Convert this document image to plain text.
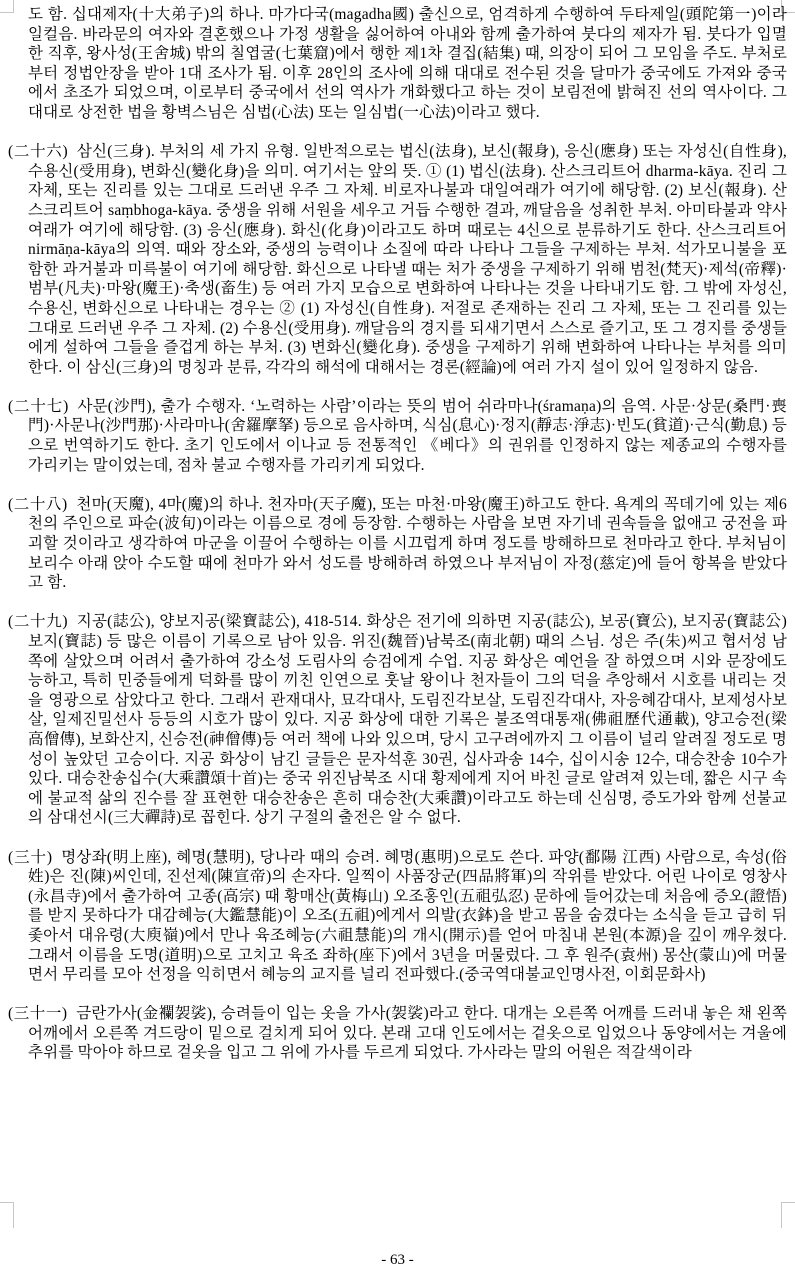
도 함. 십대제자(十大弟子)의 하나. 마가다국(magadha國) 출신으로, 엄격하게 수행하여 두타제일(頭陀第一)이라 일컬음. 바라문의 여자와 결혼했으나 가정 생활을 싫어하여 아내와 함께 출가하여 붓다의 제자가 됨. 붓다가 입멸한 직후, 왕사성(王舍城) 밖의 칠엽굴(七葉窟)에서 행한 제1차 결집(結集) 때, 의장이 되어 그 모임을 주도. 부처로부터 정법안장을 받아 1대 조사가 됨. 이후 28인의 조사에 의해 대대로 전수된 것을 달마가 중국에도 가져와 중국에서 초조가 되었으며, 이로부터 중국에서 선의 역사가 개화했다고 하는 것이 보림전에 밝혀진 선의 역사이다. 그 대대로 상전한 법을 황벽스님은 심법(心法) 또는 일심법(一心法)이라고 했다.

(二十六) 삼신(三身). 부처의 세 가지 유형. 일반적으로는 법신(法身), 보신(報身), 응신(應身) 또는 자성신(自性身), 수용신(受用身), 변화신(變化身)을 의미. 여기서는 앞의 뜻. ① (1) 법신(法身). 산스크리트어 dharma-kāya. 진리 그 자체, 또는 진리를 있는 그대로 드러낸 우주 그 자체. 비로자나불과 대일여래가 여기에 해당함. (2) 보신(報身). 산스크리트어 saṃbhoga-kāya. 중생을 위해 서원을 세우고 거듭 수행한 결과, 깨달음을 성취한 부처. 아미타불과 약사여래가 여기에 해당함. (3) 응신(應身). 화신(化身)이라고도 하며 때로는 4신으로 분류하기도 한다. 산스크리트어 nirmāṇa-kāya의 의역. 때와 장소와, 중생의 능력이나 소질에 따라 나타나 그들을 구제하는 부처. 석가모니불을 포함한 과거불과 미륵불이 여기에 해당함. 화신으로 나타낼 때는 처가 중생을 구제하기 위해 범천(梵天)·제석(帝釋)·범부(凡夫)·마왕(魔王)·축생(畜生) 등 여러 가지 모습으로 변화하여 나타나는 것을 나타내기도 함. 그 밖에 자성신, 수용신, 변화신으로 나타내는 경우는 ② (1) 자성신(自性身). 저절로 존재하는 진리 그 자체, 또는 그 진리를 있는 그대로 드러낸 우주 그 자체. (2) 수용신(受用身). 깨달음의 경지를 되새기면서 스스로 즐기고, 또 그 경지를 중생들에게 설하여 그들을 즐겁게 하는 부처. (3) 변화신(變化身). 중생을 구제하기 위해 변화하여 나타나는 부처를 의미한다. 이 삼신(三身)의 명칭과 분류, 각각의 해석에 대해서는 경론(經論)에 여러 가지 설이 있어 일정하지 않음.

(二十七) 사문(沙門), 출가 수행자. ‘노력하는 사람’이라는 뜻의 범어 쉬라마나(śramaṇa)의 음역. 사문·상문(桑門·喪門)·사문나(沙門那)·사라마나(舍羅摩拏) 등으로 음사하며, 식심(息心)·정지(靜志·淨志)·빈도(貧道)·근식(勤息) 등으로 번역하기도 한다. 초기 인도에서 이나교 등 전통적인 《베다》의 권위를 인정하지 않는 제종교의 수행자를 가리키는 말이었는데, 점차 불교 수행자를 가리키게 되었다.

(二十八) 천마(天魔), 4마(魔)의 하나. 천자마(天子魔), 또는 마천·마왕(魔王)하고도 한다. 욕계의 꼭데기에 있는 제6천의 주인으로 파순(波旬)이라는 이름으로 경에 등장함. 수행하는 사람을 보면 자기네 권속들을 없애고 궁전을 파괴할 것이라고 생각하여 마군을 이끌어 수행하는 이를 시끄럽게 하며 정도를 방해하므로 천마라고 한다. 부처님이 보리수 아래 앉아 수도할 때에 천마가 와서 성도를 방해하려 하였으나 부저님이 자정(慈定)에 들어 항복을 받았다고 함.

(二十九) 지공(誌公), 양보지공(梁寶誌公), 418-514. 화상은 전기에 의하면 지공(誌公), 보공(寶公), 보지공(寶誌公) 보지(寶誌) 등 많은 이름이 기록으로 남아 있음. 위진(魏晉)남북조(南北朝) 때의 스님. 성은 주(朱)씨고 협서성 남쪽에 살았으며 어려서 출가하여 강소성 도림사의 승검에게 수업. 지공 화상은 예언을 잘 하였으며 시와 문장에도 능하고, 특히 민중들에게 덕화를 많이 끼친 인연으로 훗날 왕이나 천자들이 그의 덕을 추앙해서 시호를 내리는 것을 영광으로 삼았다고 한다. 그래서 관재대사, 묘각대사, 도림진각보살, 도림진각대사, 자응혜감대사, 보제성사보살, 일제진밀선사 등등의 시호가 많이 있다. 지공 화상에 대한 기록은 불조역대통재(佛祖歷代通載), 양고승전(梁高僧傳), 보화산지, 신승전(神僧傳)등 여러 책에 나와 있으며, 당시 고구려에까지 그 이름이 널리 알려질 정도로 명성이 높았던 고승이다. 지공 화상이 남긴 글들은 문자석훈 30권, 십사과송 14수, 십이시송 12수, 대승찬송 10수가 있다. 대승찬송십수(大乘讚頌十首)는 중국 위진남북조 시대 황제에게 지어 바친 글로 알려져 있는데, 짧은 시구 속에 불교적 삶의 진수를 잘 표현한 대승찬송은 흔히 대승찬(大乘讚)이라고도 하는데 신심명, 증도가와 함께 선불교의 삼대선시(三大禪詩)로 꼽힌다. 상기 구절의 출전은 알 수 없다.

(三十) 명상좌(明上座), 혜명(慧明), 당나라 때의 승려. 혜명(惠明)으로도 쓴다. 파양(鄱陽 江西) 사람으로, 속성(俗姓)은 진(陳)씨인데, 진선제(陳宣帝)의 손자다. 일찍이 사품장군(四品將軍)의 작위를 받았다. 어린 나이로 영창사(永昌寺)에서 출가하여 고종(高宗) 때 황매산(黃梅山) 오조홍인(五祖弘忍) 문하에 들어갔는데 처음에 증오(證悟)를 받지 못하다가 대감혜능(大鑑慧能)이 오조(五祖)에게서 의발(衣鉢)을 받고 몸을 숨겼다는 소식을 듣고 급히 뒤좇아서 대유령(大庾嶺)에서 만나 육조혜능(六祖慧能)의 개시(開示)를 얻어 마침내 본원(本源)을 깊이 깨우쳤다. 그래서 이름을 도명(道明)으로 고치고 육조 좌하(座下)에서 3년을 머물렀다. 그 후 원주(袁州) 몽산(蒙山)에 머물면서 무리를 모아 선정을 익히면서 혜능의 교지를 널리 전파했다.(중국역대불교인명사전, 이회문화사)

(三十一) 금란가사(金襴袈裟), 승려들이 입는 옷을 가사(袈裟)라고 한다. 대개는 오른쪽 어깨를 드러내 놓은 채 왼쪽 어깨에서 오른쪽 겨드랑이 밑으로 걸치게 되어 있다. 본래 고대 인도에서는 겉옷으로 입었으나 동양에서는 겨울에 추위를 막아야 하므로 겉옷을 입고 그 위에 가사를 두르게 되었다. 가사라는 말의 어원은 적갈색이라

- 63 -
